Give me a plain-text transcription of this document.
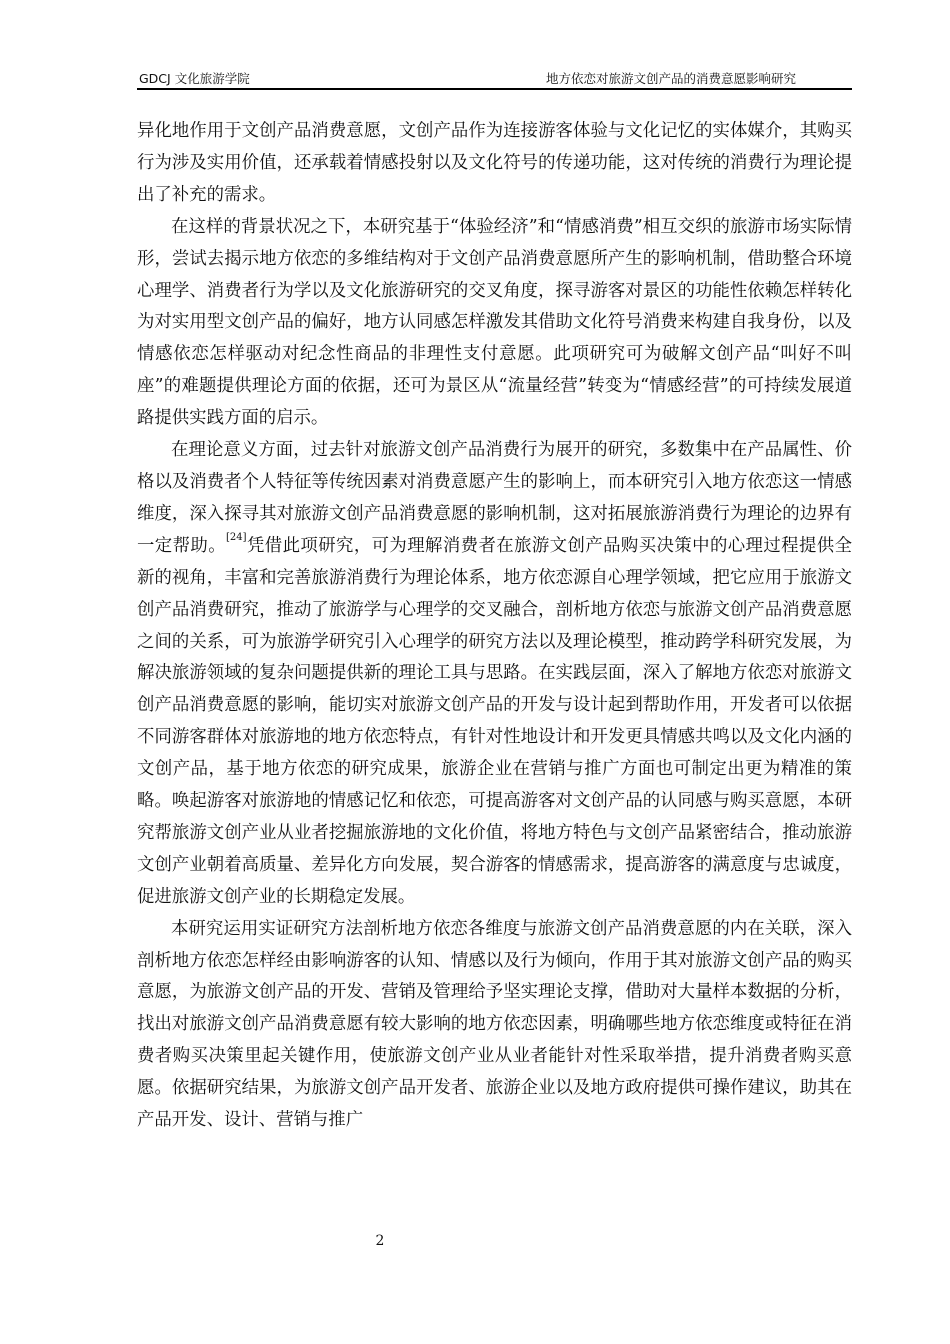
GDCJ 文化旅游学院	地方依恋对旅游文创产品的消费意愿影响研究

异化地作用于文创产品消费意愿，文创产品作为连接游客体验与文化记忆的实体媒介，其购买行为涉及实用价值，还承载着情感投射以及文化符号的传递功能，这对传统的消费行为理论提出了补充的需求。

在这样的背景状况之下，本研究基于“体验经济”和“情感消费”相互交织的旅游市场实际情形，尝试去揭示地方依恋的多维结构对于文创产品消费意愿所产生的影响机制，借助整合环境心理学、消费者行为学以及文化旅游研究的交叉角度，探寻游客对景区的功能性依赖怎样转化为对实用型文创产品的偏好，地方认同感怎样激发其借助文化符号消费来构建自我身份，以及情感依恋怎样驱动对纪念性商品的非理性支付意愿。此项研究可为破解文创产品“叫好不叫座”的难题提供理论方面的依据，还可为景区从“流量经营”转变为“情感经营”的可持续发展道路提供实践方面的启示。

在理论意义方面，过去针对旅游文创产品消费行为展开的研究，多数集中在产品属性、价格以及消费者个人特征等传统因素对消费意愿产生的影响上，而本研究引入地方依恋这一情感维度，深入探寻其对旅游文创产品消费意愿的影响机制，这对拓展旅游消费行为理论的边界有一定帮助。[24]凭借此项研究，可为理解消费者在旅游文创产品购买决策中的心理过程提供全新的视角，丰富和完善旅游消费行为理论体系，地方依恋源自心理学领域，把它应用于旅游文创产品消费研究，推动了旅游学与心理学的交叉融合，剖析地方依恋与旅游文创产品消费意愿之间的关系，可为旅游学研究引入心理学的研究方法以及理论模型，推动跨学科研究发展，为解决旅游领域的复杂问题提供新的理论工具与思路。在实践层面，深入了解地方依恋对旅游文创产品消费意愿的影响，能切实对旅游文创产品的开发与设计起到帮助作用，开发者可以依据不同游客群体对旅游地的地方依恋特点，有针对性地设计和开发更具情感共鸣以及文化内涵的文创产品，基于地方依恋的研究成果，旅游企业在营销与推广方面也可制定出更为精准的策略。唤起游客对旅游地的情感记忆和依恋，可提高游客对文创产品的认同感与购买意愿，本研究帮旅游文创产业从业者挖掘旅游地的文化价值，将地方特色与文创产品紧密结合，推动旅游文创产业朝着高质量、差异化方向发展，契合游客的情感需求，提高游客的满意度与忠诚度，促进旅游文创产业的长期稳定发展。

本研究运用实证研究方法剖析地方依恋各维度与旅游文创产品消费意愿的内在关联，深入剖析地方依恋怎样经由影响游客的认知、情感以及行为倾向，作用于其对旅游文创产品的购买意愿，为旅游文创产品的开发、营销及管理给予坚实理论支撑，借助对大量样本数据的分析，找出对旅游文创产品消费意愿有较大影响的地方依恋因素，明确哪些地方依恋维度或特征在消费者购买决策里起关键作用，使旅游文创产业从业者能针对性采取举措，提升消费者购买意愿。依据研究结果，为旅游文创产品开发者、旅游企业以及地方政府提供可操作建议，助其在产品开发、设计、营销与推广

2
